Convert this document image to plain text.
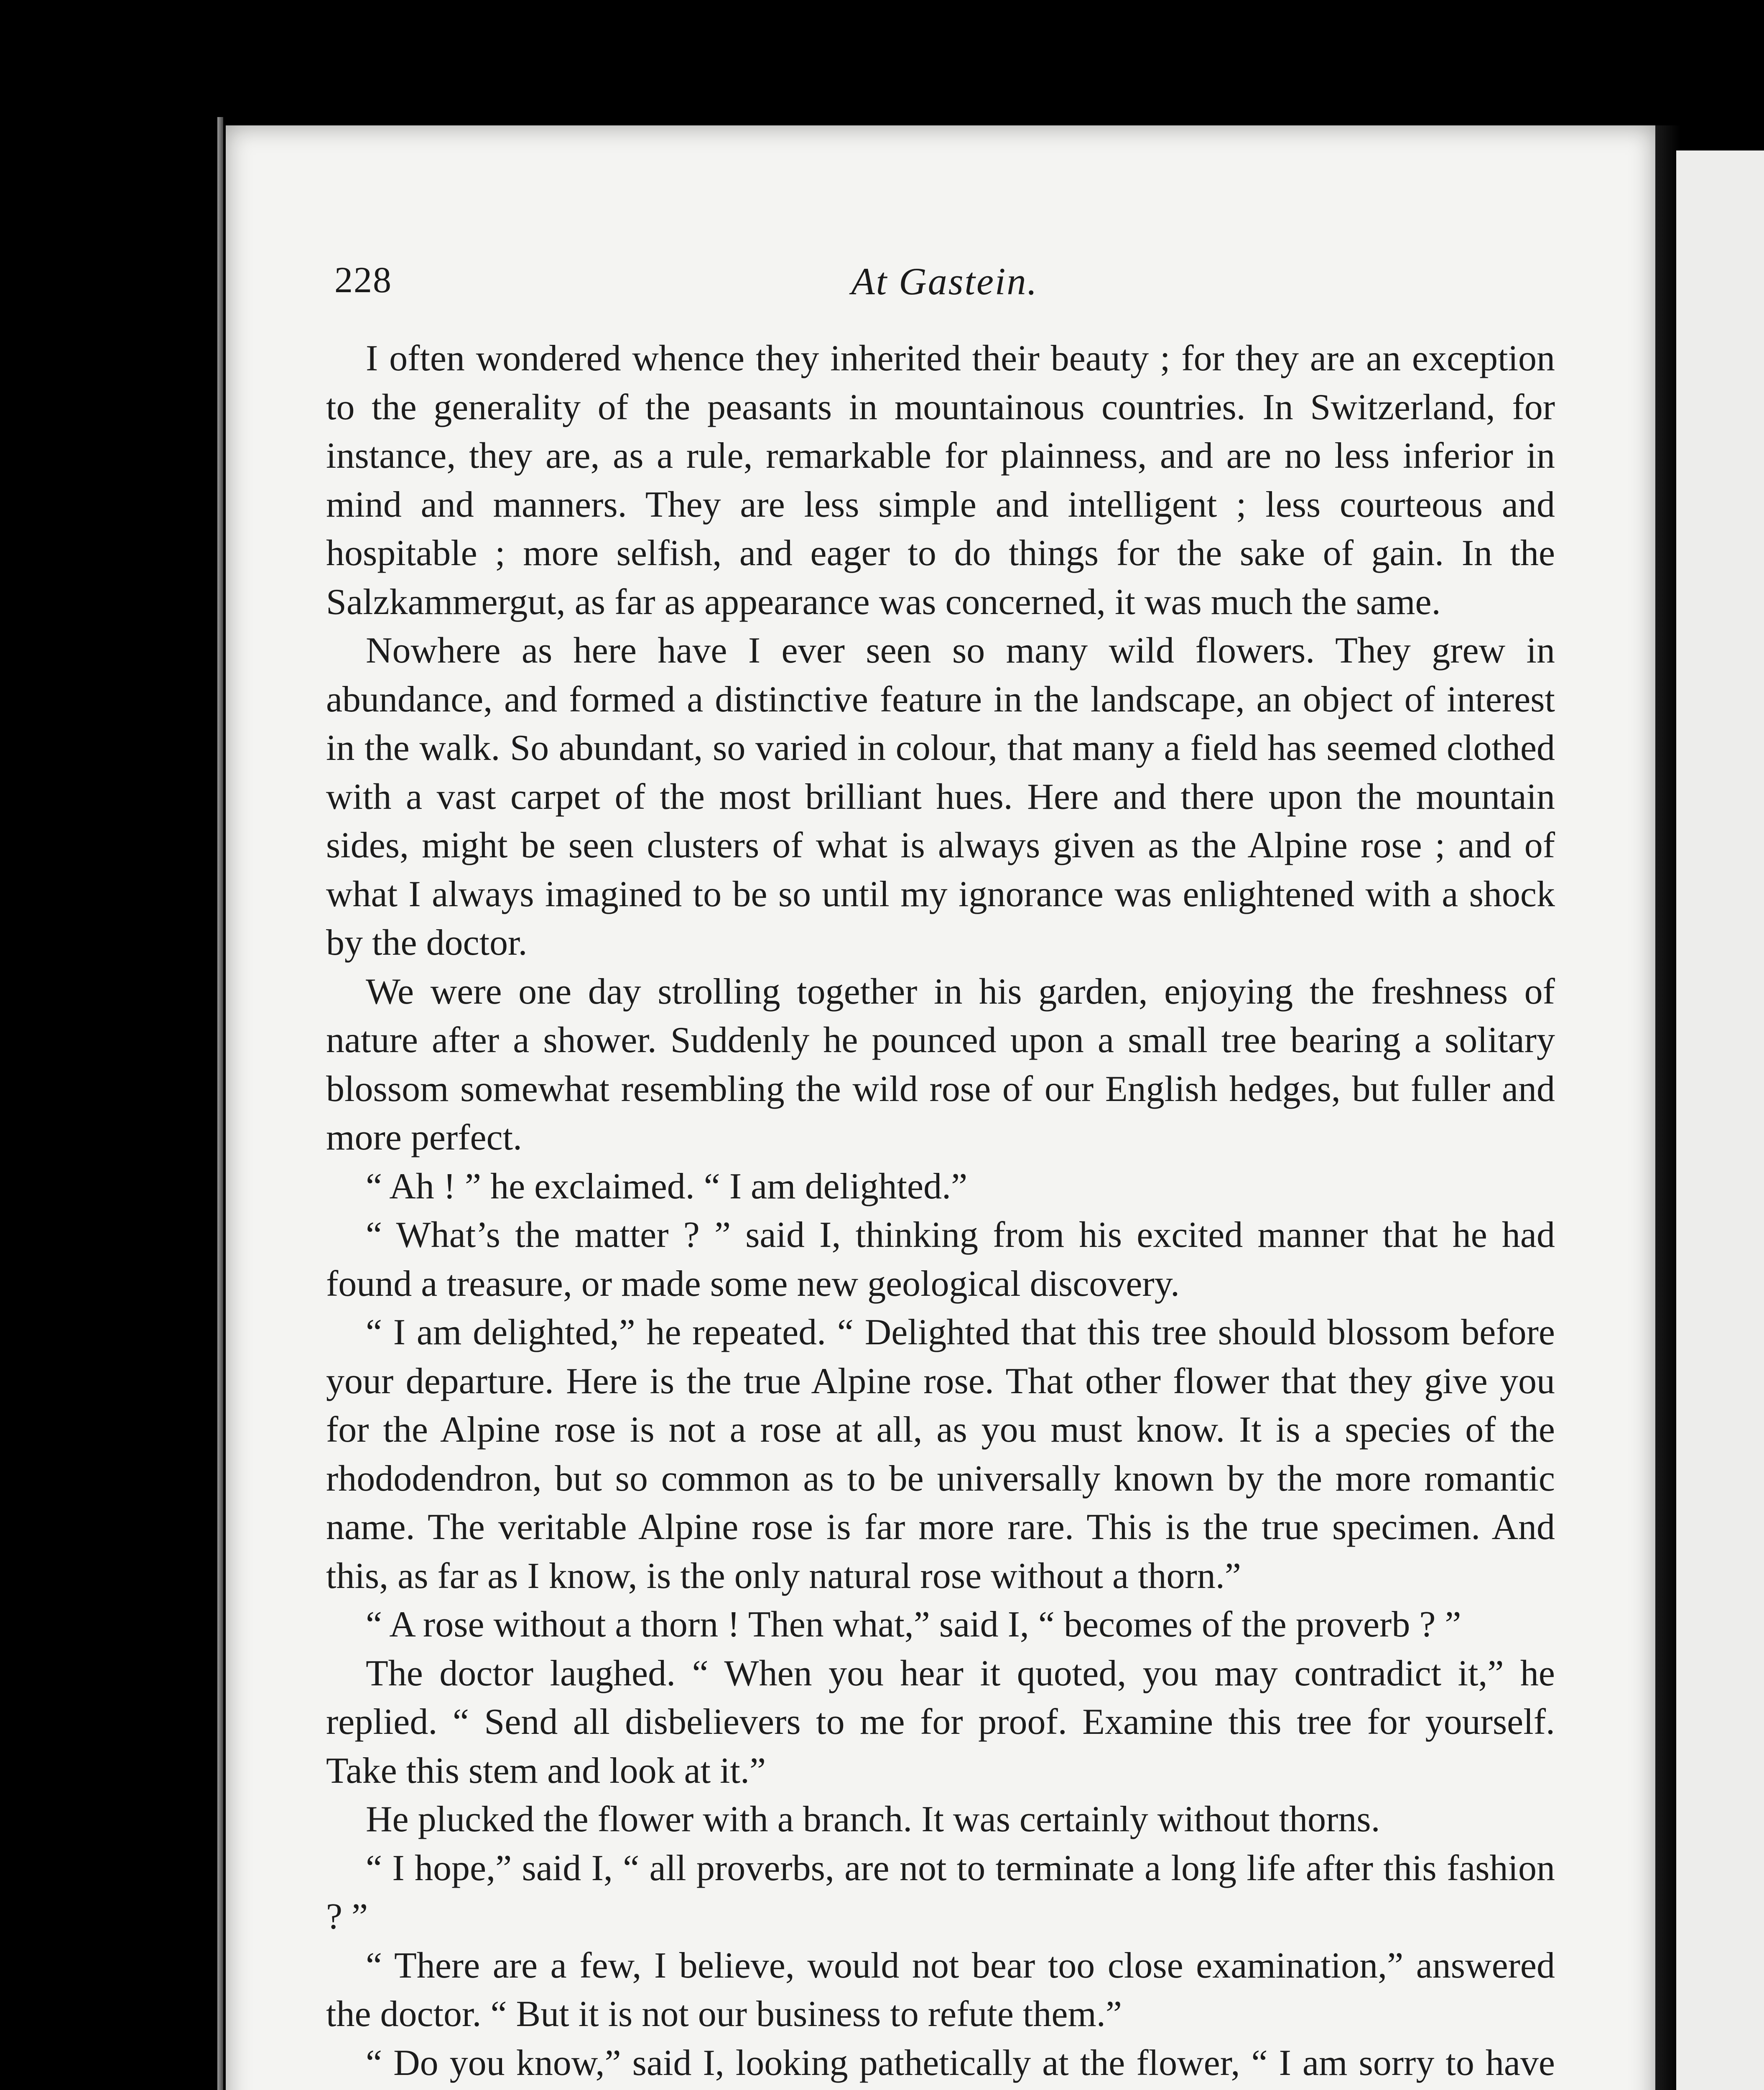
228	At Gastein.

I often wondered whence they inherited their beauty ; for they are an exception to the generality of the peasants in mountainous countries. In Switzerland, for instance, they are, as a rule, remarkable for plainness, and are no less inferior in mind and manners. They are less simple and intelligent ; less courteous and hospitable ; more selfish, and eager to do things for the sake of gain. In the Salzkammergut, as far as appearance was concerned, it was much the same.

Nowhere as here have I ever seen so many wild flowers. They grew in abundance, and formed a distinctive feature in the landscape, an object of interest in the walk. So abundant, so varied in colour, that many a field has seemed clothed with a vast carpet of the most brilliant hues. Here and there upon the mountain sides, might be seen clusters of what is always given as the Alpine rose ; and of what I always imagined to be so until my ignorance was enlightened with a shock by the doctor.

We were one day strolling together in his garden, enjoying the freshness of nature after a shower. Suddenly he pounced upon a small tree bearing a solitary blossom somewhat resembling the wild rose of our English hedges, but fuller and more perfect.

“ Ah ! ” he exclaimed. “ I am delighted.”

“ What’s the matter ? ” said I, thinking from his excited manner that he had found a treasure, or made some new geological discovery.

“ I am delighted,” he repeated. “ Delighted that this tree should blossom before your departure. Here is the true Alpine rose. That other flower that they give you for the Alpine rose is not a rose at all, as you must know. It is a species of the rhododendron, but so common as to be universally known by the more romantic name. The veritable Alpine rose is far more rare. This is the true specimen. And this, as far as I know, is the only natural rose without a thorn.”

“ A rose without a thorn ! Then what,” said I, “ becomes of the proverb ? ”

The doctor laughed. “ When you hear it quoted, you may contradict it,” he replied. “ Send all disbelievers to me for proof. Examine this tree for yourself. Take this stem and look at it.”

He plucked the flower with a branch. It was certainly without thorns.

“ I hope,” said I, “ all proverbs, are not to terminate a long life after this fashion ? ”

“ There are a few, I believe, would not bear too close examination,” answered the doctor. “ But it is not our business to refute them.”

“ Do you know,” said I, looking pathetically at the flower, “ I am sorry to have
